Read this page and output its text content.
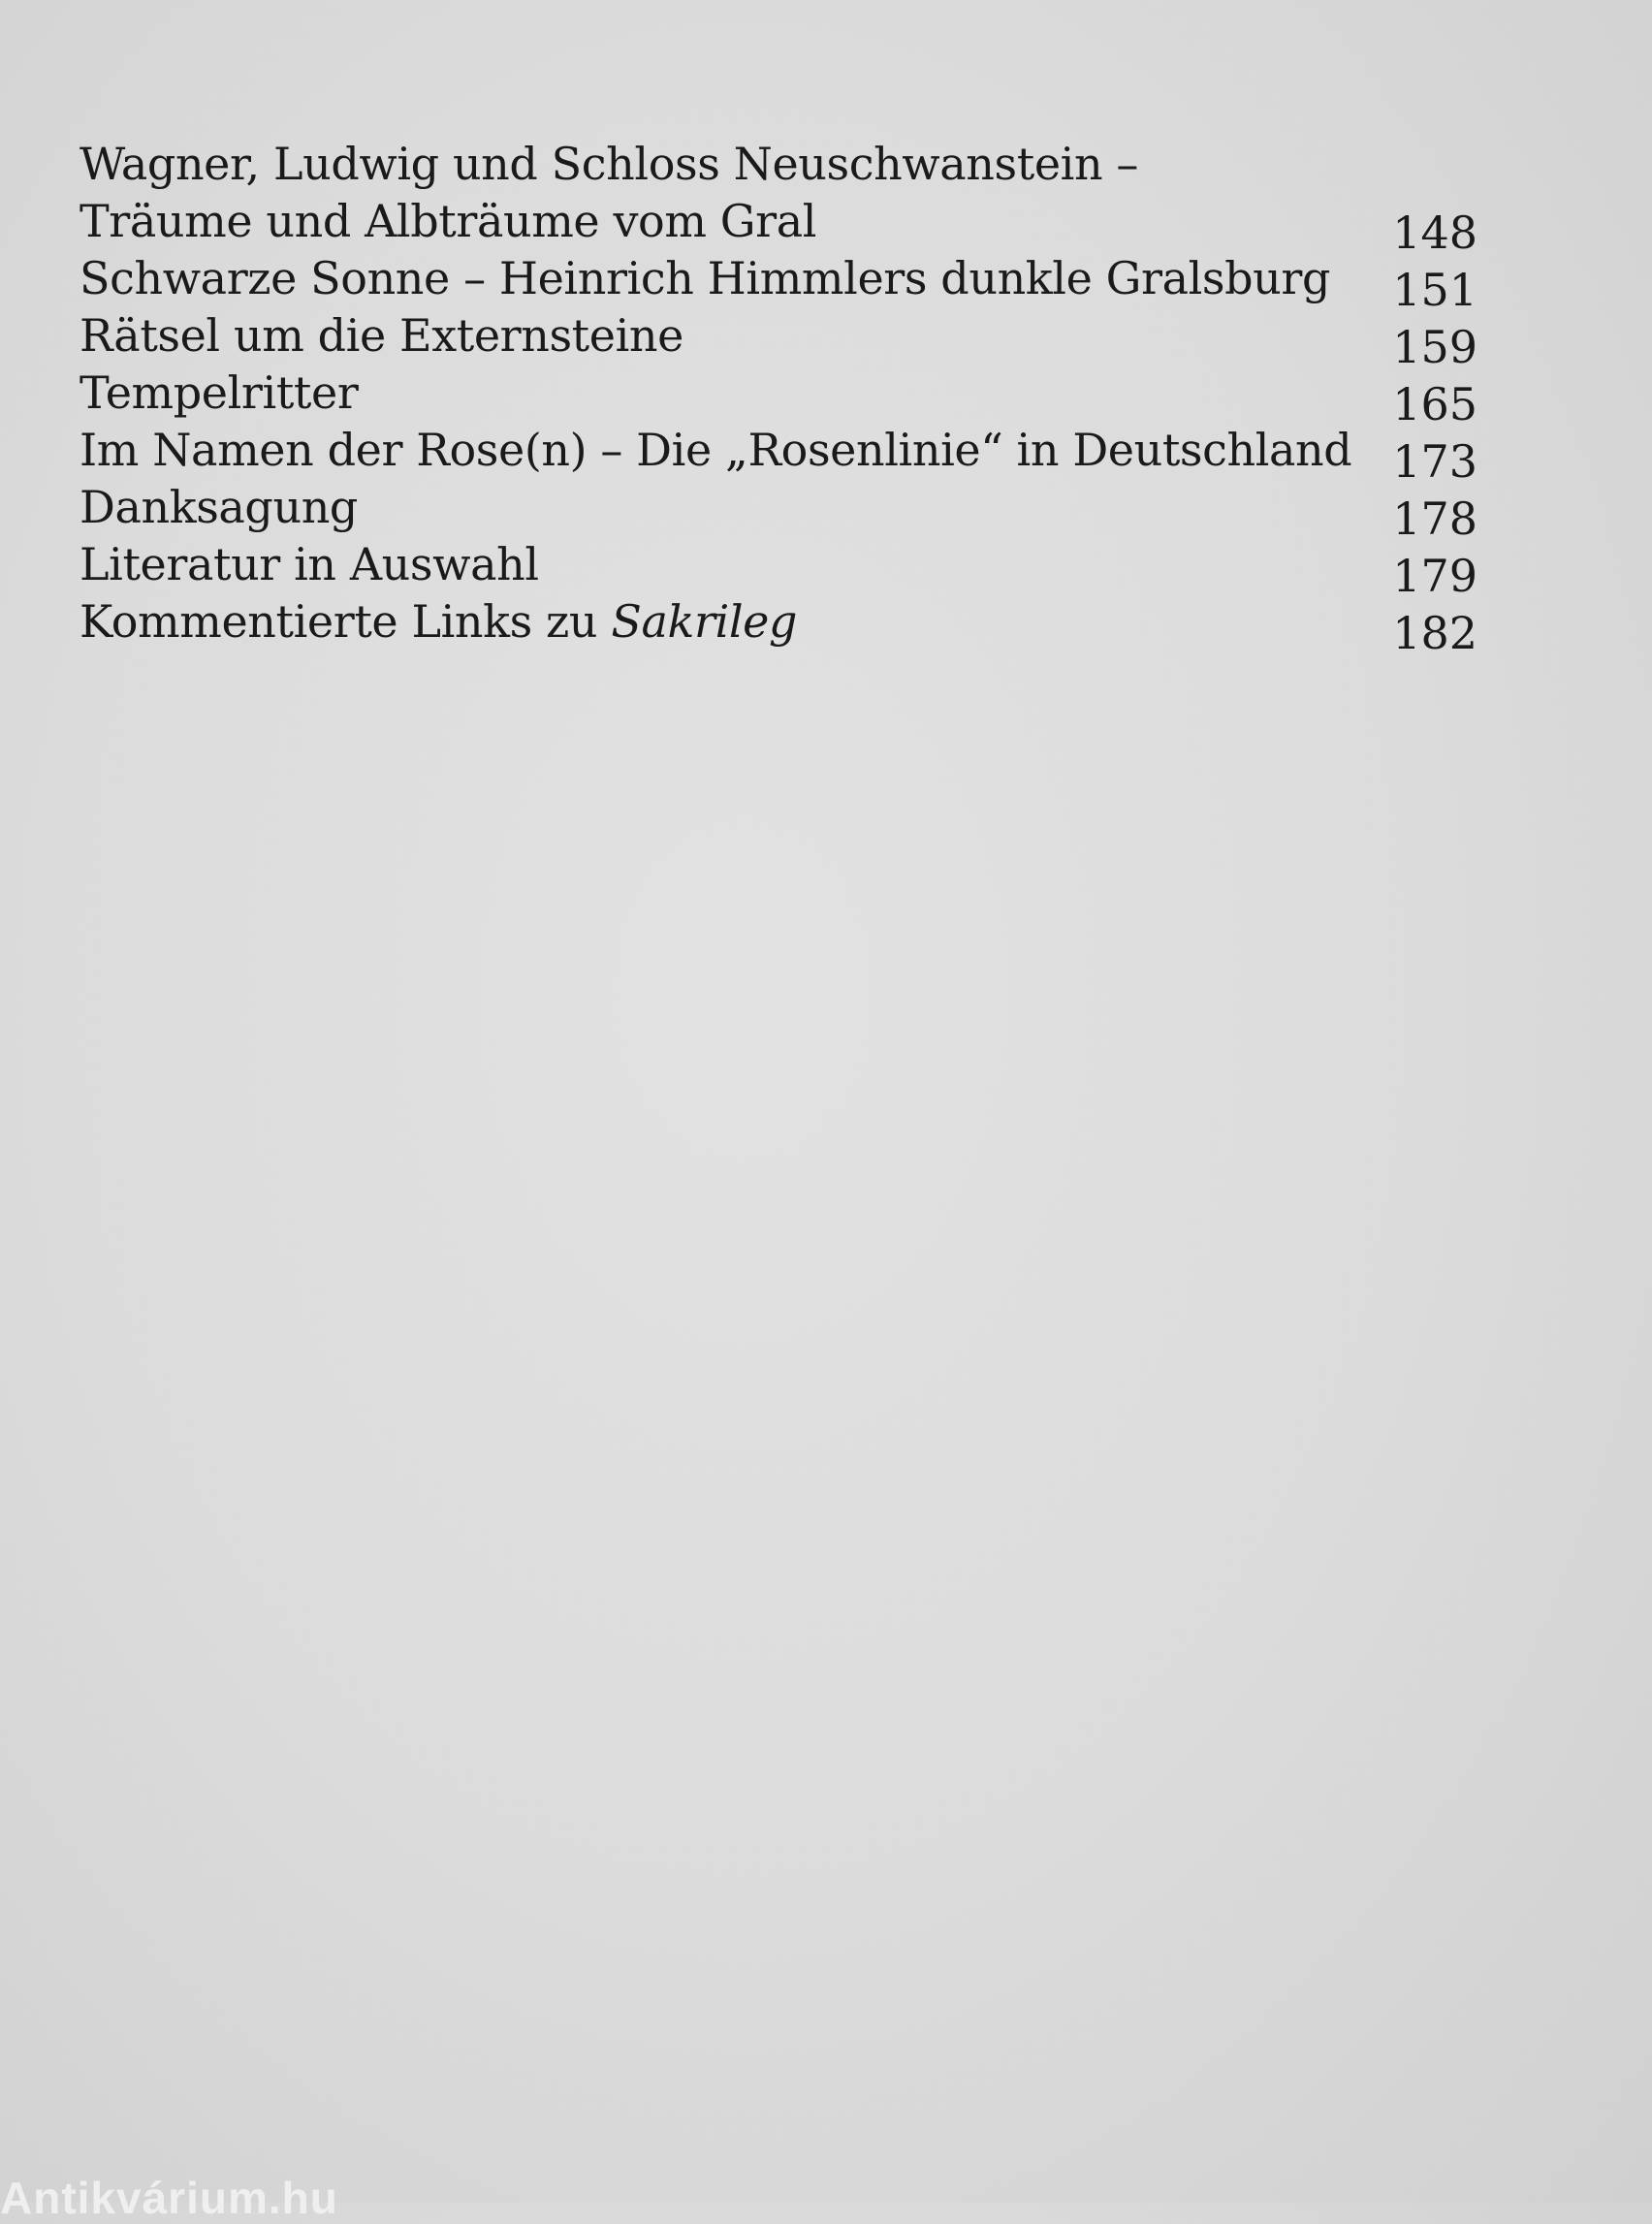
Wagner, Ludwig und Schloss Neuschwanstein –
Träume und Albträume vom Gral	148
Schwarze Sonne – Heinrich Himmlers dunkle Gralsburg	151
Rätsel um die Externsteine	159
Tempelritter	165
Im Namen der Rose(n) – Die „Rosenlinie“ in Deutschland 173
Danksagung	178
Literatur in Auswahl	179
Kommentierte Links zu Sakrileg	182
Antikvárium.hu
